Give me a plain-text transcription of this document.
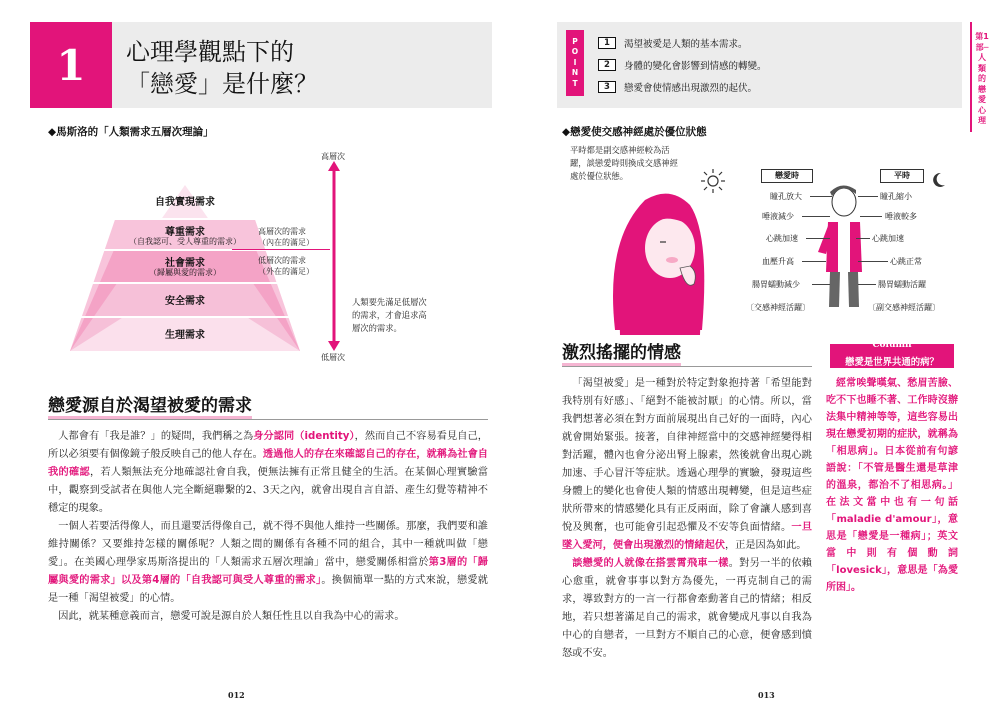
1	心理學觀點下的
「戀愛」是什麼？
◆馬斯洛的「人類需求五層次理論」
自我實現需求
尊重需求
（自我認可、受人尊重的需求）
社會需求
（歸屬與愛的需求）
安全需求
生理需求
高層次的需求
（內在的滿足）
低層次的需求
（外在的滿足）
高層次
低層次
人類要先滿足低層次
的需求，才會追求高
層次的需求。
戀愛源自於渴望被愛的需求

人都會有「我是誰？」的疑問，我們稱之為身分認同（identity），然而自己不容易看見自己，所以必須要有個像鏡子般反映自己的他人存在。透過他人的存在來確認自己的存在，就稱為社會自我的確認，若人類無法充分地確認社會自我，便無法擁有正常且健全的生活。在某個心理實驗當中，觀察到受試者在與他人完全斷絕聯繫的2、3天之內，就會出現自言自語、產生幻覺等精神不穩定的現象。

一個人若要活得像人，而且還要活得像自己，就不得不與他人維持一些關係。那麼，我們要和誰維持關係？又要維持怎樣的關係呢？人類之間的關係有各種不同的組合，其中一種就叫做「戀愛」。在美國心理學家馬斯洛提出的「人類需求五層次理論」當中，戀愛關係相當於第3層的「歸屬與愛的需求」以及第4層的「自我認可與受人尊重的需求」。換個簡單一點的方式來說，戀愛就是一種「渴望被愛」的心情。

因此，就某種意義而言，戀愛可說是源自於人類任性且以自我為中心的需求。

012
P
O
I
N
T
1	渴望被愛是人類的基本需求。
2	身體的變化會影響到情感的轉變。
3	戀愛會使情感出現激烈的起伏。
◆戀愛使交感神經處於優位狀態
平時都是副交感神經較為活
躍，談戀愛時則換成交感神經
處於優位狀態。	戀愛時	平時
瞳孔放大
唾液減少
心跳加速
血壓升高
腸胃蠕動減少
瞳孔縮小
唾液較多
心跳加速
心跳正常
腸胃蠕動活躍
〔交感神經活躍〕	〔副交感神經活躍〕
激烈搖擺的情感

「渴望被愛」是一種對於特定對象抱持著「希望能對我特別有好感」、「絕對不能被討厭」的心情。所以，當我們想著必須在對方面前展現出自己好的一面時，內心就會開始緊張。接著，自律神經當中的交感神經變得相對活躍，體內也會分泌出腎上腺素，然後就會出現心跳加速、手心冒汗等症狀。透過心理學的實驗，發現這些身體上的變化也會使人類的情感出現轉變，但是這些症狀所帶來的情感變化具有正反兩面，除了會讓人感到喜悅及興奮，也可能會引起恐懼及不安等負面情緒。一旦墜入愛河，便會出現激烈的情緒起伏，正是因為如此。

談戀愛的人就像在搭雲霄飛車一樣。對另一半的依賴心愈重，就會事事以對方為優先，一再克制自己的需求，導致對方的一言一行都會牽動著自己的情緒；相反地，若只想著滿足自己的需求，就會變成凡事以自我為中心的自戀者，一旦對方不順自己的心意，便會感到憤怒或不安。

Column
戀愛是世界共通的病？
經常唉聲嘆氣、愁眉苦臉、吃不下也睡不著、工作時沒辦法集中精神等等，這些容易出現在戀愛初期的症狀，就稱為「相思病」。日本從前有句諺語說：「不管是醫生還是草津的溫泉，都治不了相思病。」在法文當中也有一句話「maladie d'amour」，意思是「戀愛是一種病」；英文當中則有個動詞「lovesick」，意思是「為愛所困」。
第1部─人類的戀愛心理
013
